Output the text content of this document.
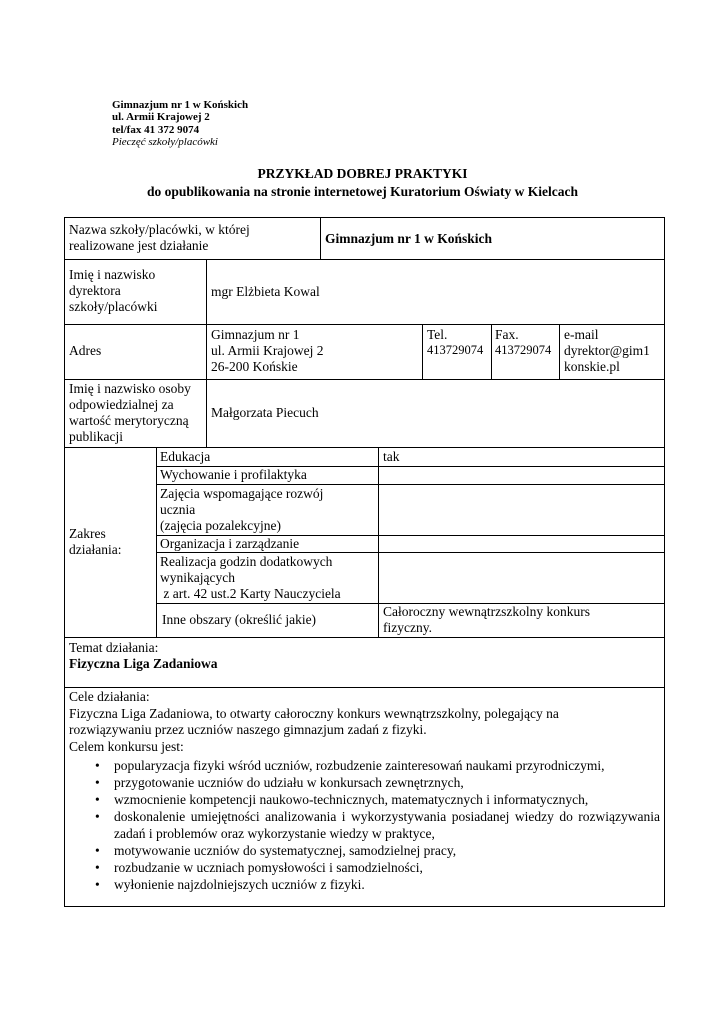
Gimnazjum nr 1 w Końskich
ul. Armii Krajowej 2
tel/fax 41 372 9074
Pieczęć szkoły/placówki
PRZYKŁAD DOBREJ PRAKTYKI
do opublikowania na stronie internetowej Kuratorium Oświaty w Kielcach
Nazwa szkoły/placówki, w której
realizowane jest działanie	Gimnazjum nr 1 w Końskich
Imię i nazwisko
dyrektora
szkoły/placówki
mgr Elżbieta Kowal
Adres
Gimnazjum nr 1
ul. Armii Krajowej 2
26-200 Końskie
Tel.
413729074
Fax.
413729074
e-mail
dyrektor@gim1
konskie.pl
Imię i nazwisko osoby
odpowiedzialnej za
wartość merytoryczną
publikacji
Małgorzata Piecuch
Zakres
działania:
Edukacja	tak
Wychowanie i profilaktyka
Zajęcia wspomagające rozwój
ucznia
(zajęcia pozalekcyjne)
Organizacja i zarządzanie
Realizacja godzin dodatkowych
wynikających
z art. 42 ust.2 Karty Nauczyciela
Inne obszary (określić jakie)
Całoroczny wewnątrzszkolny konkurs
fizyczny.
Temat działania:
Fizyczna Liga Zadaniowa
Cele działania:
Fizyczna Liga Zadaniowa, to otwarty całoroczny konkurs wewnątrzszkolny, polegający na
rozwiązywaniu przez uczniów naszego gimnazjum zadań z fizyki.
Celem konkursu jest:
• popularyzacja fizyki wśród uczniów, rozbudzenie zainteresowań naukami przyrodniczymi,
• przygotowanie uczniów do udziału w konkursach zewnętrznych,
• wzmocnienie kompetencji naukowo-technicznych, matematycznych i informatycznych,
• doskonalenie umiejętności analizowania i wykorzystywania posiadanej wiedzy do rozwiązywania zadań i problemów oraz wykorzystanie wiedzy w praktyce,
• motywowanie uczniów do systematycznej, samodzielnej pracy,
• rozbudzanie w uczniach pomysłowości i samodzielności,
• wyłonienie najzdolniejszych uczniów z fizyki.
